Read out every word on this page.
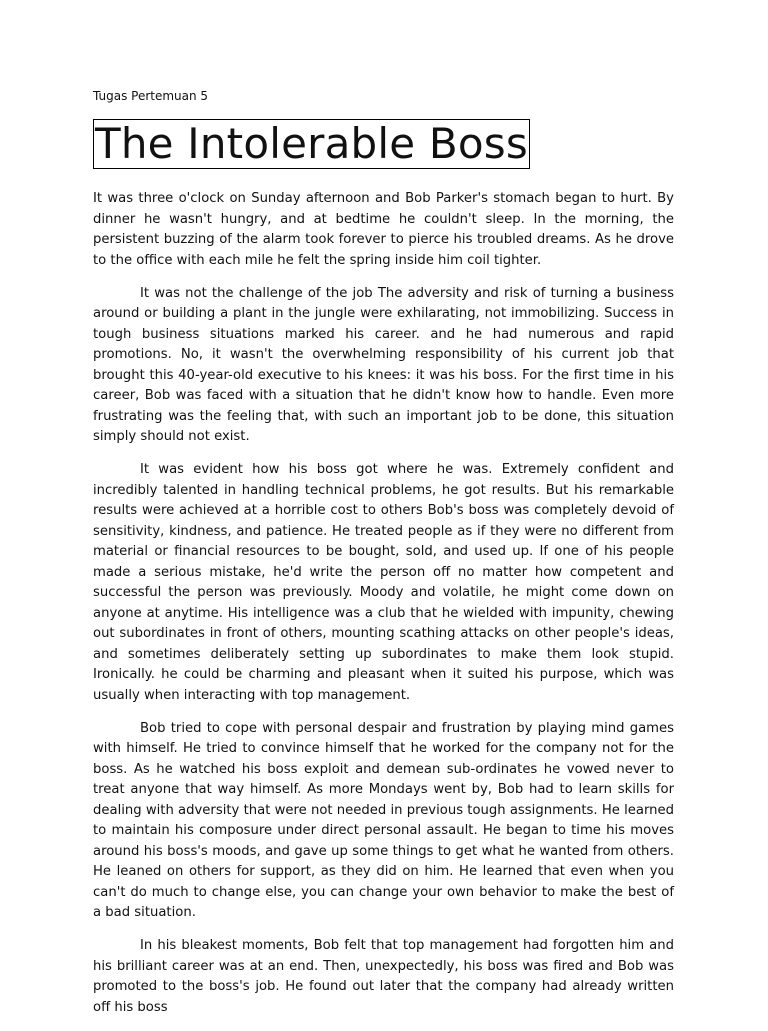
Tugas Pertemuan 5
The Intolerable Boss

It was three o'clock on Sunday afternoon and Bob Parker's stomach began to hurt. By dinner he wasn't hungry, and at bedtime he couldn't sleep. In the morning, the persistent buzzing of the alarm took forever to pierce his troubled dreams. As he drove to the office with each mile he felt the spring inside him coil tighter.

It was not the challenge of the job The adversity and risk of turning a business around or building a plant in the jungle were exhilarating, not immobilizing. Success in tough business situations marked his career. and he had numerous and rapid promotions. No, it wasn't the overwhelming responsibility of his current job that brought this 40-year-old executive to his knees: it was his boss. For the first time in his career, Bob was faced with a situation that he didn't know how to handle. Even more frustrating was the feeling that, with such an important job to be done, this situation simply should not exist.

It was evident how his boss got where he was. Extremely confident and incredibly talented in handling technical problems, he got results. But his remarkable results were achieved at a horrible cost to others Bob's boss was completely devoid of sensitivity, kindness, and patience. He treated people as if they were no different from material or financial resources to be bought, sold, and used up. If one of his people made a serious mistake, he'd write the person off no matter how competent and successful the person was previously. Moody and volatile, he might come down on anyone at anytime. His intelligence was a club that he wielded with impunity, chewing out subordinates in front of others, mounting scathing attacks on other people's ideas, and sometimes deliberately setting up subordinates to make them look stupid. Ironically. he could be charming and pleasant when it suited his purpose, which was usually when interacting with top management.

Bob tried to cope with personal despair and frustration by playing mind games with himself. He tried to convince himself that he worked for the company not for the boss. As he watched his boss exploit and demean sub-ordinates he vowed never to treat anyone that way himself. As more Mondays went by, Bob had to learn skills for dealing with adversity that were not needed in previous tough assignments. He learned to maintain his composure under direct personal assault. He began to time his moves around his boss's moods, and gave up some things to get what he wanted from others. He leaned on others for support, as they did on him. He learned that even when you can't do much to change else, you can change your own behavior to make the best of a bad situation.

In his bleakest moments, Bob felt that top management had forgotten him and his brilliant career was at an end. Then, unexpectedly, his boss was fired and Bob was promoted to the boss's job. He found out later that the company had already written off his boss
